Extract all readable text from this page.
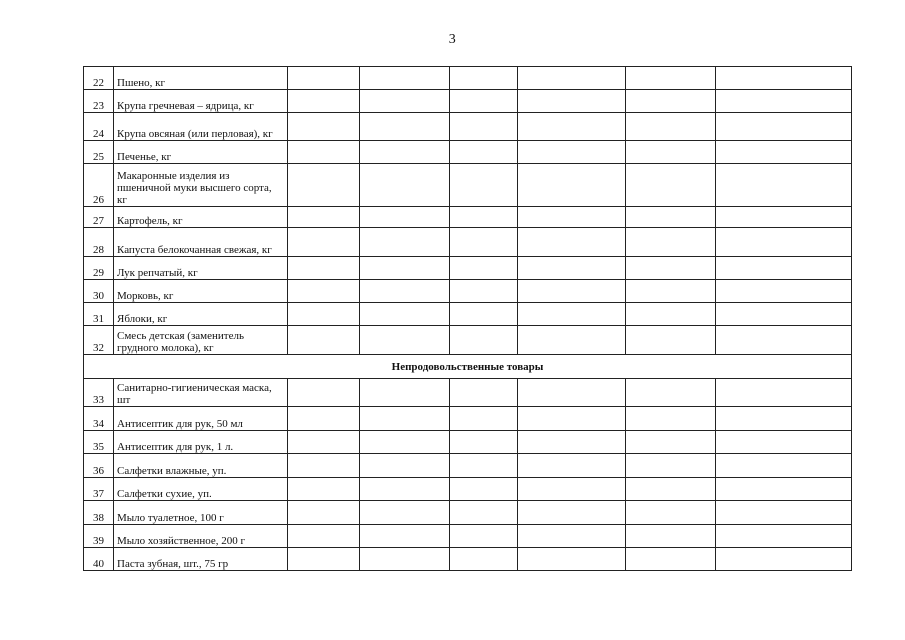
3
22	Пшено, кг						
23	Крупа гречневая – ядрица, кг						
24	Крупа овсяная (или перловая), кг						
25	Печенье, кг						
26	Макаронные изделия из пшеничной муки высшего сорта, кг						
27	Картофель, кг						
28	Капуста белокочанная свежая, кг						
29	Лук репчатый, кг						
30	Морковь, кг						
31	Яблоки, кг						
32	Смесь детская (заменитель грудного молока), кг						
Непродовольственные товары							
33	Санитарно-гигиеническая маска, шт						
34	Антисептик для рук, 50 мл						
35	Антисептик для рук, 1 л.						
36	Салфетки влажные, уп.						
37	Салфетки сухие, уп.						
38	Мыло туалетное, 100 г						
39	Мыло хозяйственное, 200 г						
40	Паста зубная, шт., 75 гр						
